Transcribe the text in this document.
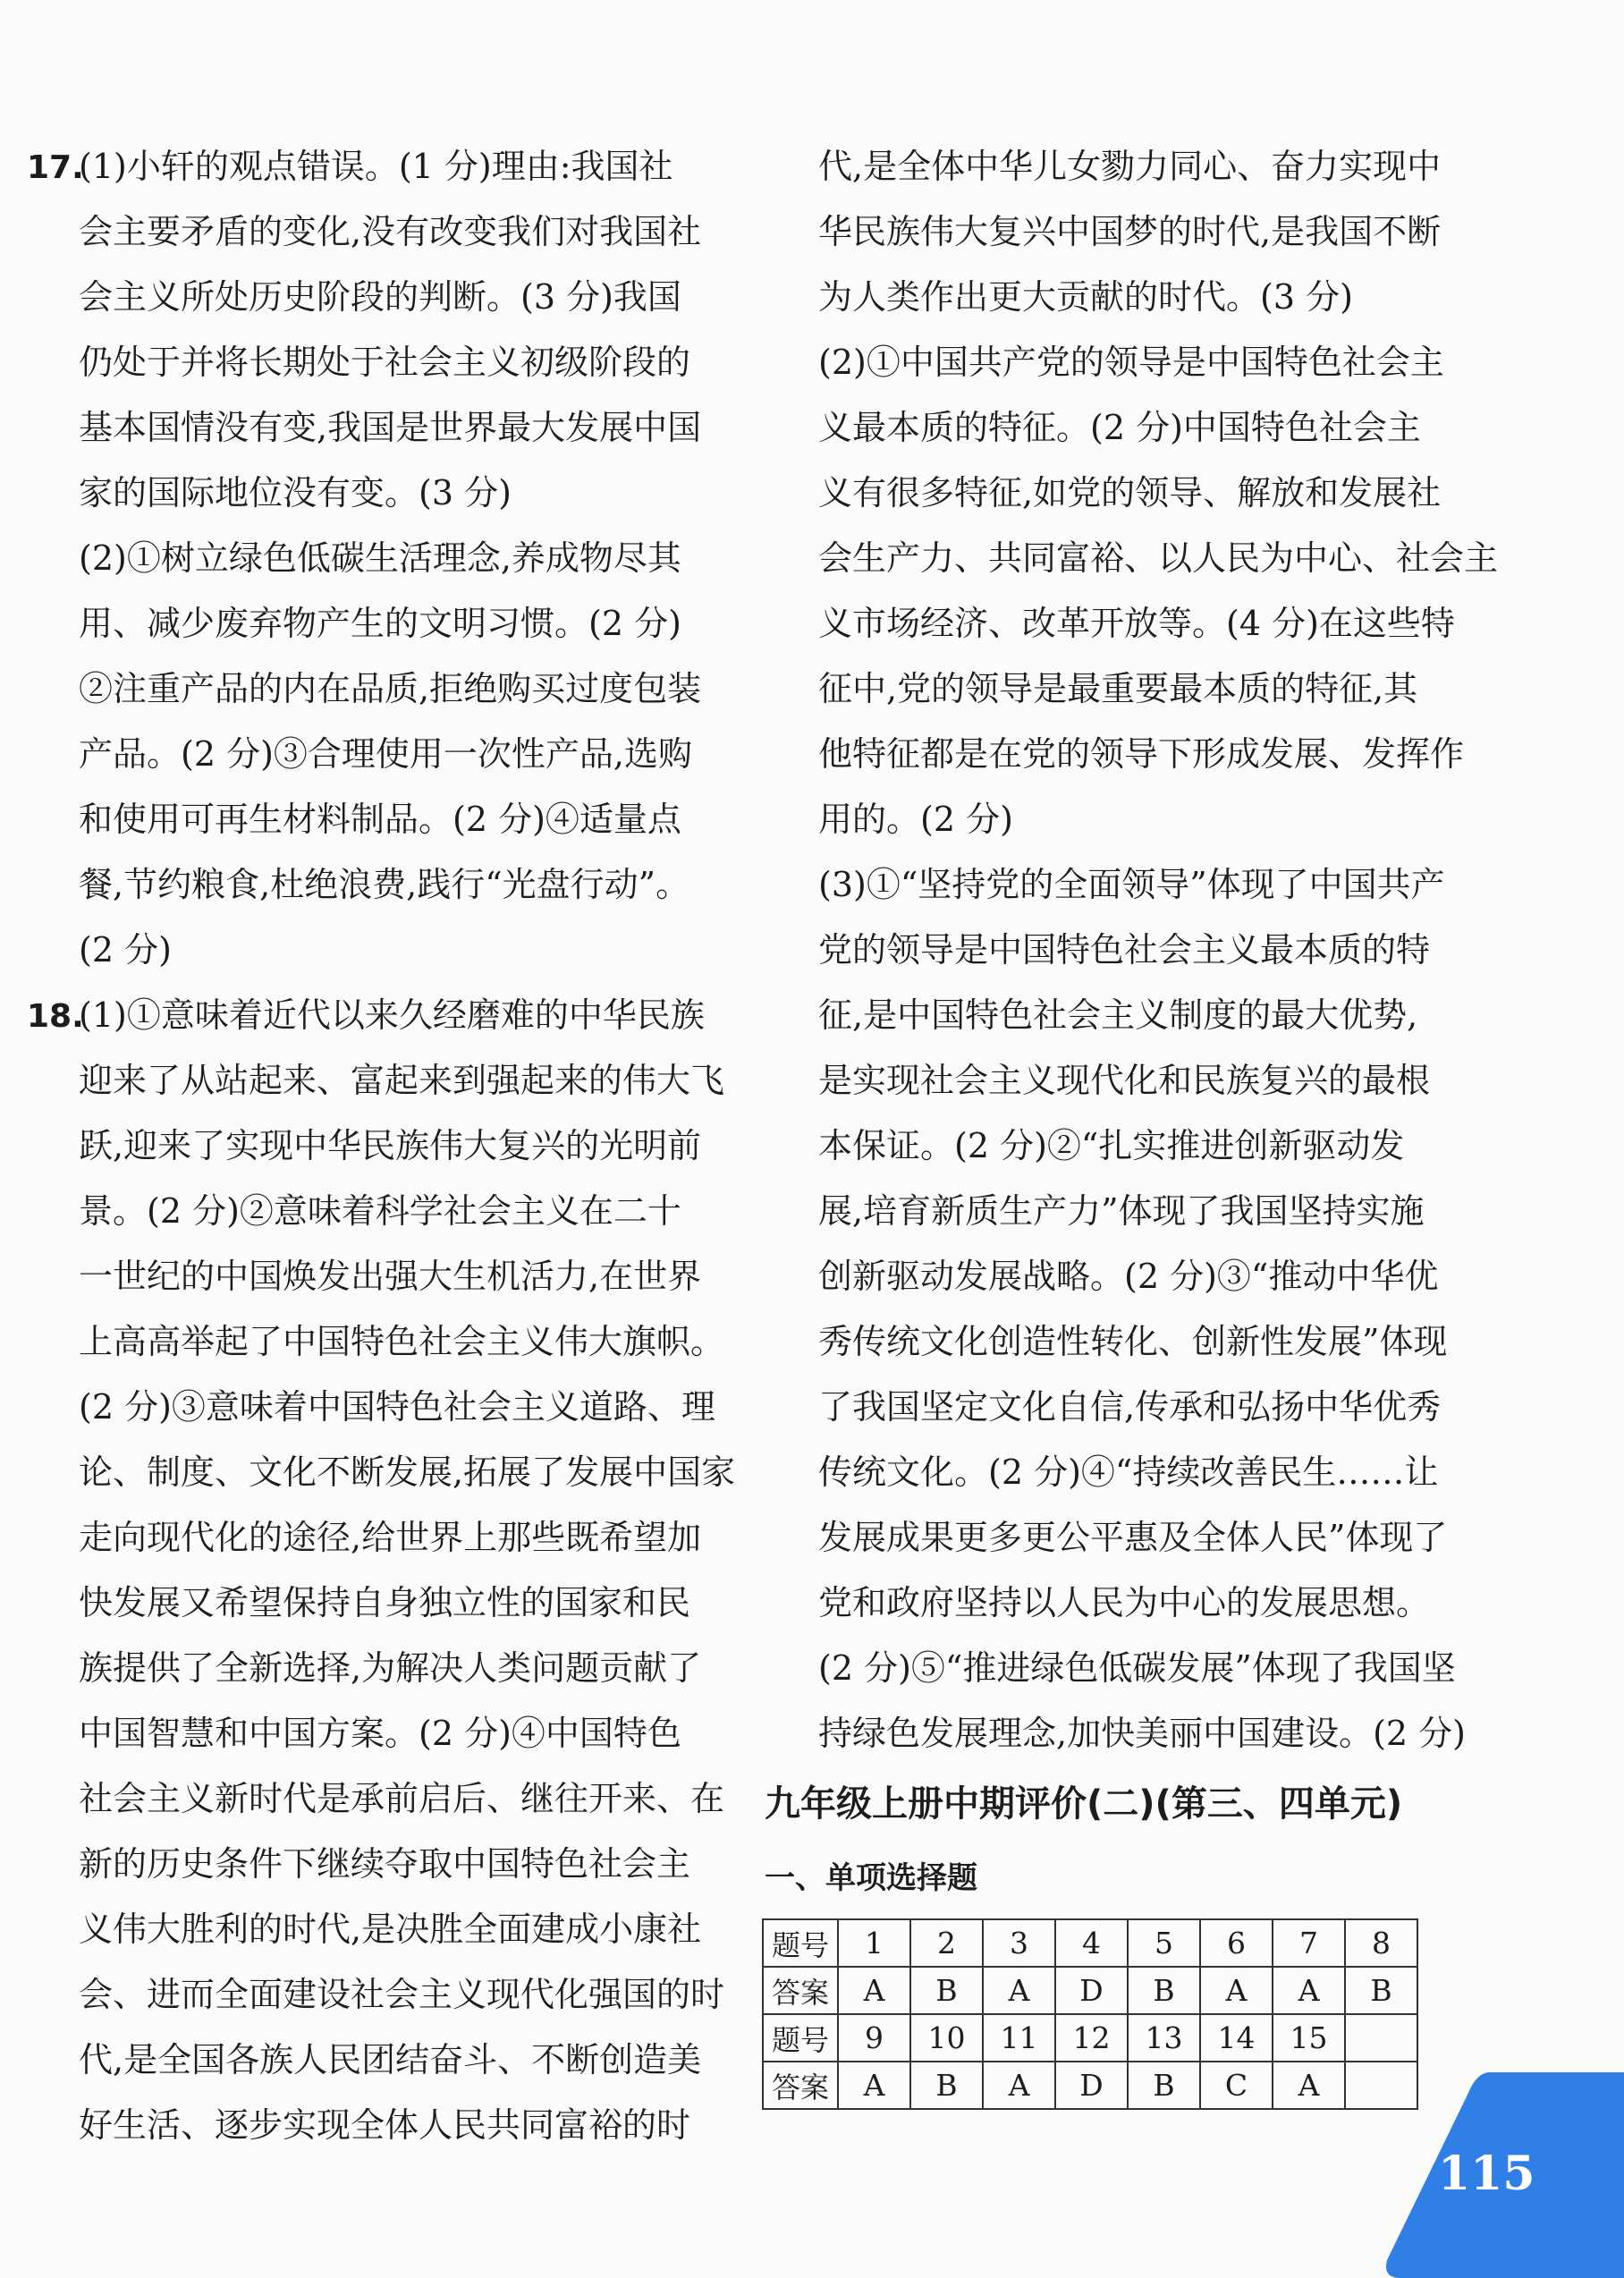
17.(1)小轩的观点错误。(1 分)理由:我国社
会主要矛盾的变化,没有改变我们对我国社
会主义所处历史阶段的判断。(3 分)我国
仍处于并将长期处于社会主义初级阶段的
基本国情没有变,我国是世界最大发展中国
家的国际地位没有变。(3 分)
(2)①树立绿色低碳生活理念,养成物尽其
用、减少废弃物产生的文明习惯。(2 分)
②注重产品的内在品质,拒绝购买过度包装
产品。(2 分)③合理使用一次性产品,选购
和使用可再生材料制品。(2 分)④适量点
餐,节约粮食,杜绝浪费,践行“光盘行动”。
(2 分)
18.(1)①意味着近代以来久经磨难的中华民族
迎来了从站起来、富起来到强起来的伟大飞
跃,迎来了实现中华民族伟大复兴的光明前
景。(2 分)②意味着科学社会主义在二十
一世纪的中国焕发出强大生机活力,在世界
上高高举起了中国特色社会主义伟大旗帜。
(2 分)③意味着中国特色社会主义道路、理
论、制度、文化不断发展,拓展了发展中国家
走向现代化的途径,给世界上那些既希望加
快发展又希望保持自身独立性的国家和民
族提供了全新选择,为解决人类问题贡献了
中国智慧和中国方案。(2 分)④中国特色
社会主义新时代是承前启后、继往开来、在
新的历史条件下继续夺取中国特色社会主
义伟大胜利的时代,是决胜全面建成小康社
会、进而全面建设社会主义现代化强国的时
代,是全国各族人民团结奋斗、不断创造美
好生活、逐步实现全体人民共同富裕的时
代,是全体中华儿女勠力同心、奋力实现中
华民族伟大复兴中国梦的时代,是我国不断
为人类作出更大贡献的时代。(3 分)
(2)①中国共产党的领导是中国特色社会主
义最本质的特征。(2 分)中国特色社会主
义有很多特征,如党的领导、解放和发展社
会生产力、共同富裕、以人民为中心、社会主
义市场经济、改革开放等。(4 分)在这些特
征中,党的领导是最重要最本质的特征,其
他特征都是在党的领导下形成发展、发挥作
用的。(2 分)
(3)①“坚持党的全面领导”体现了中国共产
党的领导是中国特色社会主义最本质的特
征,是中国特色社会主义制度的最大优势,
是实现社会主义现代化和民族复兴的最根
本保证。(2 分)②“扎实推进创新驱动发
展,培育新质生产力”体现了我国坚持实施
创新驱动发展战略。(2 分)③“推动中华优
秀传统文化创造性转化、创新性发展”体现
了我国坚定文化自信,传承和弘扬中华优秀
传统文化。(2 分)④“持续改善民生……让
发展成果更多更公平惠及全体人民”体现了
党和政府坚持以人民为中心的发展思想。
(2 分)⑤“推进绿色低碳发展”体现了我国坚
持绿色发展理念,加快美丽中国建设。(2 分)
九年级上册中期评价(二)(第三、四单元)
一、单项选择题
题号	1	2	3	4	5	6	7	8
答案	A	B	A	D	B	A	A	B
题号	9	10	11	12	13	14	15	
答案	A	B	A	D	B	C	A	
115
